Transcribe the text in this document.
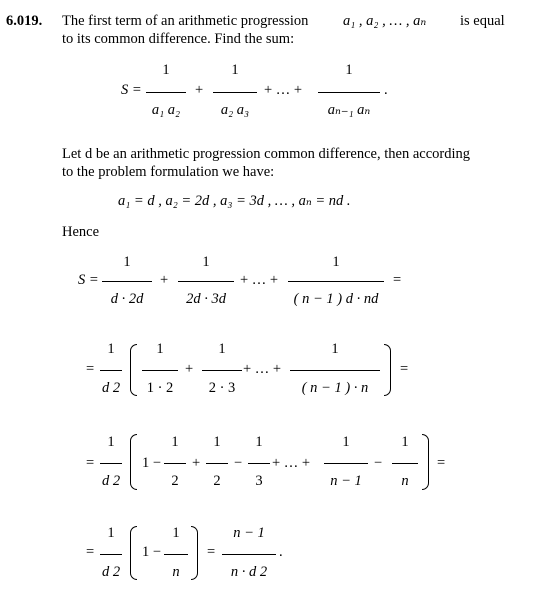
6.019. The first term of an arithmetic progression a₁ , a₂ , … , aₙ is equal
to its common difference. Find the sum:
S =
1
a₁ a₂
+
1
a₂ a₃
+ … +
1
aₙ₋₁ aₙ
.
Let d be an arithmetic progression common difference, then according
to the problem formulation we have:
a₁ = d , a₂ = 2d , a₃ = 3d , … , aₙ = nd .
Hence
S =
1
d · 2d
+
1
2d · 3d
+ … +
1
( n − 1 ) d · nd
=
=
1
d 2
1
1 · 2
+
1
2 · 3
+ … +
1
( n − 1 ) · n
=
=
1
d 2
1 −
1
2
+
1
2
−
1
3
+ … +
1
n − 1
−
1
n
=
=
1
d 2
1 −
1
n
=
n − 1
n · d 2
.
